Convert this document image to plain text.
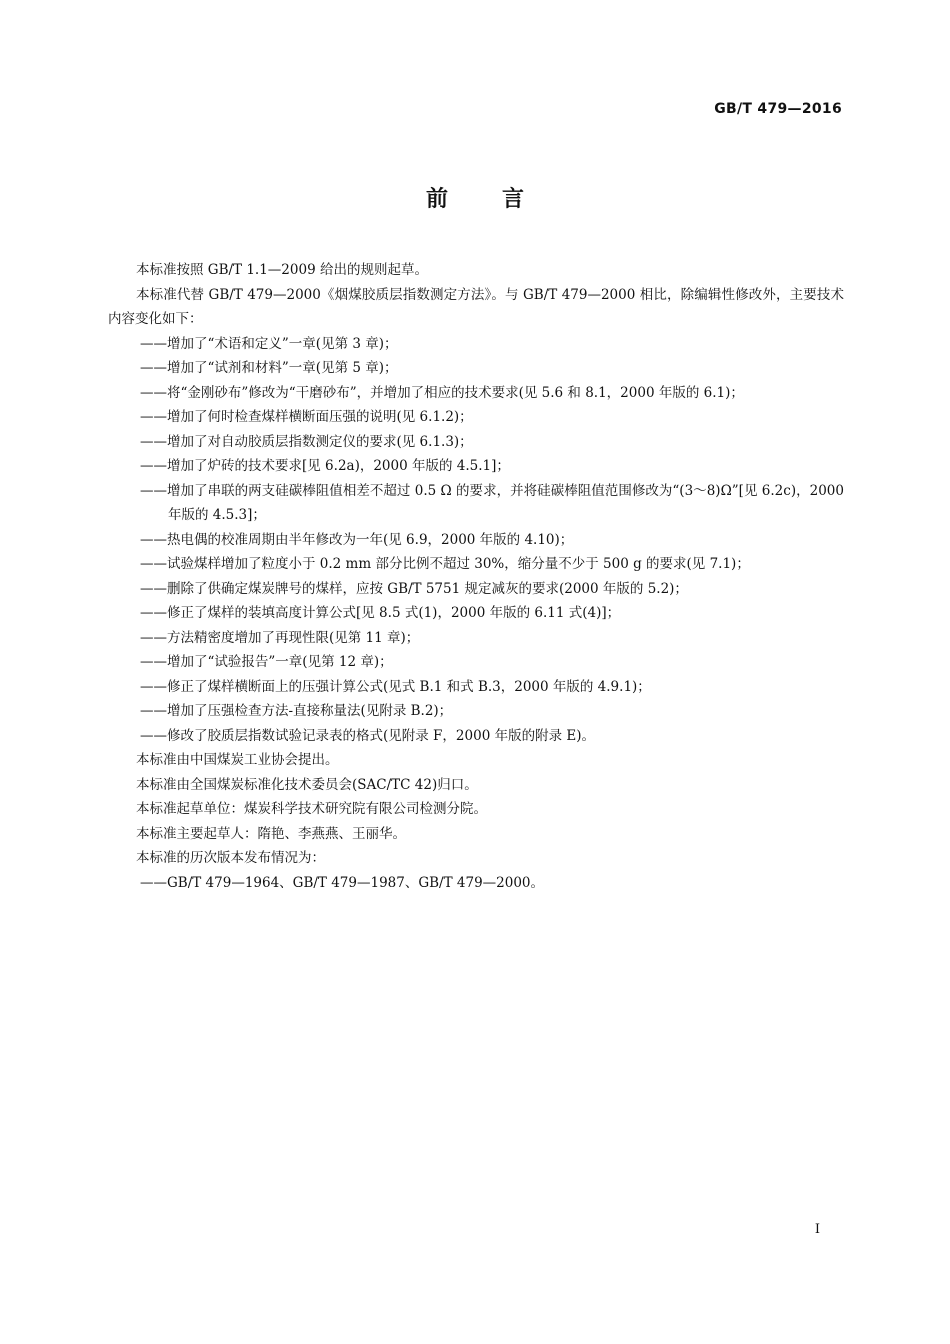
GB/T 479—2016
前言

本标准按照 GB/T 1.1—2009 给出的规则起草。

本标准代替 GB/T 479—2000《烟煤胶质层指数测定方法》。与 GB/T 479—2000 相比，除编辑性修改外，主要技术内容变化如下：

——增加了“术语和定义”一章(见第 3 章)；

——增加了“试剂和材料”一章(见第 5 章)；

——将“金刚砂布”修改为“干磨砂布”，并增加了相应的技术要求(见 5.6 和 8.1，2000 年版的 6.1)；

——增加了何时检查煤样横断面压强的说明(见 6.1.2)；

——增加了对自动胶质层指数测定仪的要求(见 6.1.3)；

——增加了炉砖的技术要求[见 6.2a)，2000 年版的 4.5.1]；

——增加了串联的两支硅碳棒阻值相差不超过 0.5 Ω 的要求，并将硅碳棒阻值范围修改为“(3～8)Ω”[见 6.2c)，2000 年版的 4.5.3]；

——热电偶的校准周期由半年修改为一年(见 6.9，2000 年版的 4.10)；

——试验煤样增加了粒度小于 0.2 mm 部分比例不超过 30%，缩分量不少于 500 g 的要求(见 7.1)；

——删除了供确定煤炭牌号的煤样，应按 GB/T 5751 规定减灰的要求(2000 年版的 5.2)；

——修正了煤样的装填高度计算公式[见 8.5 式(1)，2000 年版的 6.11 式(4)]；

——方法精密度增加了再现性限(见第 11 章)；

——增加了“试验报告”一章(见第 12 章)；

——修正了煤样横断面上的压强计算公式(见式 B.1 和式 B.3，2000 年版的 4.9.1)；

——增加了压强检查方法-直接称量法(见附录 B.2)；

——修改了胶质层指数试验记录表的格式(见附录 F，2000 年版的附录 E)。

本标准由中国煤炭工业协会提出。

本标准由全国煤炭标准化技术委员会(SAC/TC 42)归口。

本标准起草单位：煤炭科学技术研究院有限公司检测分院。

本标准主要起草人：隋艳、李燕燕、王丽华。

本标准的历次版本发布情况为：

——GB/T 479—1964、GB/T 479—1987、GB/T 479—2000。

I
